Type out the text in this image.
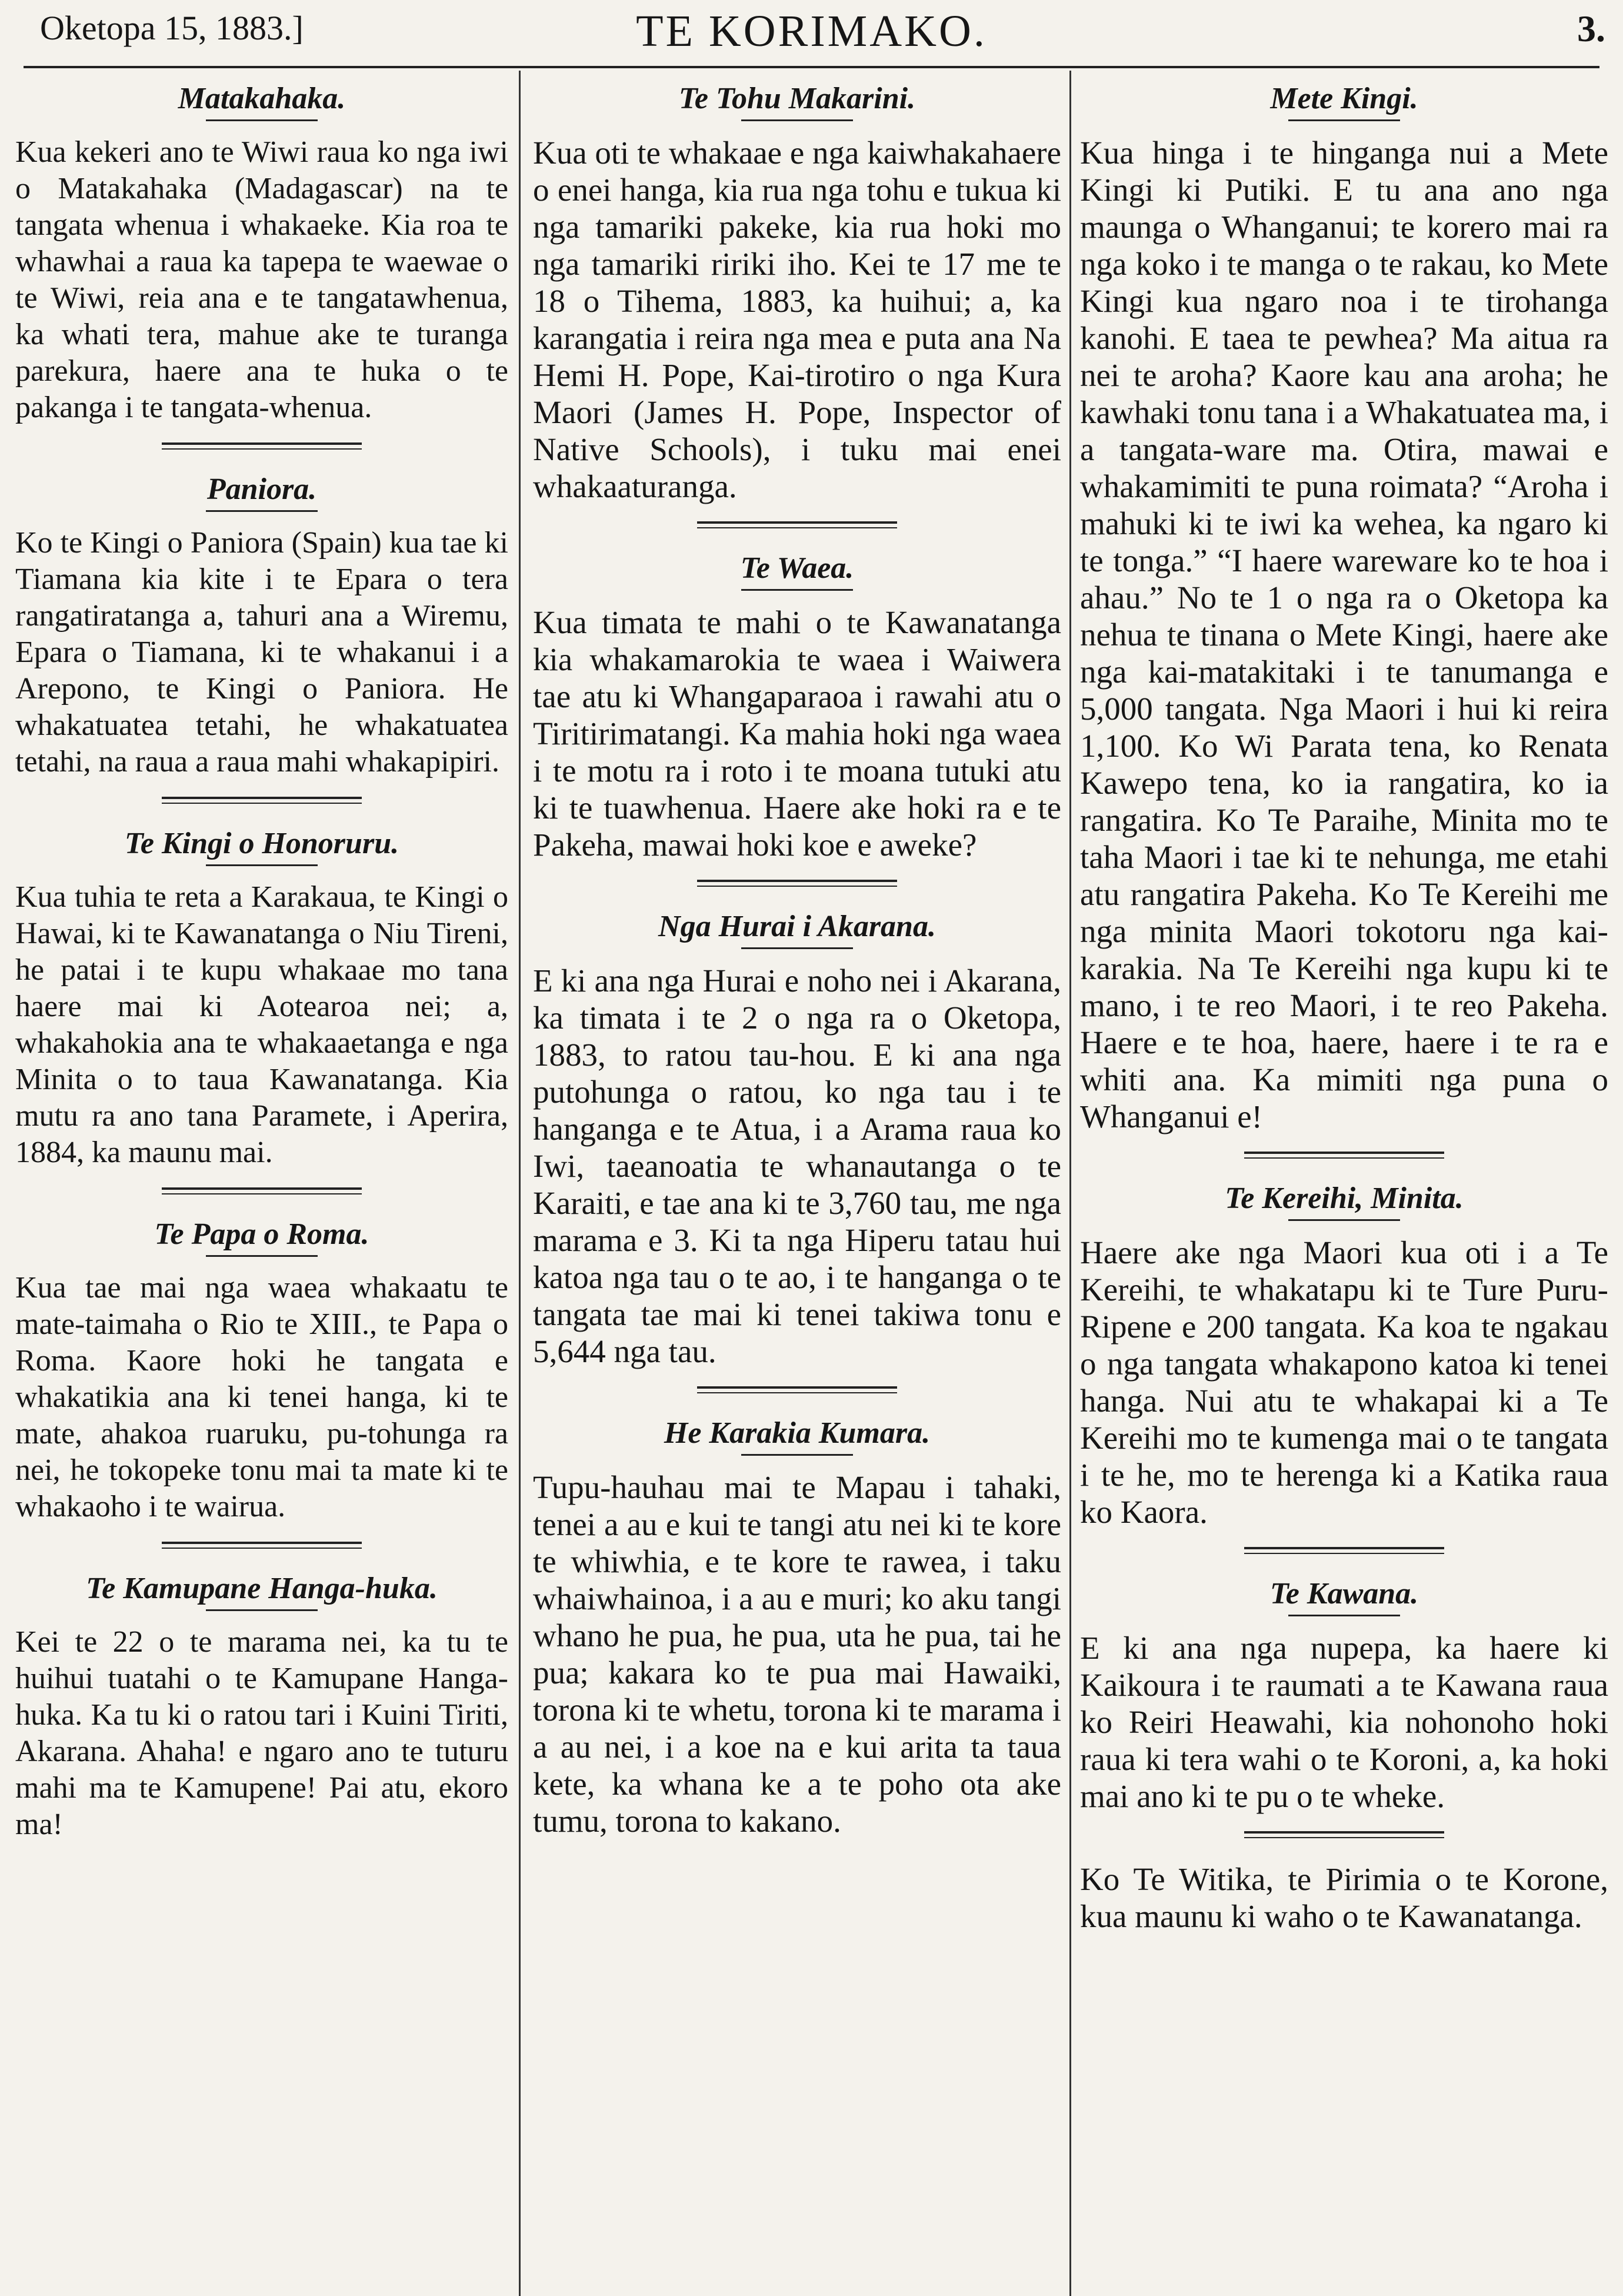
Oketopa 15, 1883.]	TE KORIMAKO.	3.
Matakahaka.
Kua kekeri ano te Wiwi raua ko nga iwi o Matakahaka (Madagascar) na te tangata whenua i whakaeke. Kia roa te whawhai a raua ka tapepa te waewae o te Wiwi, reia ana e te tangatawhenua, ka whati tera, mahue ake te turanga parekura, haere ana te huka o te pakanga i te tangata-whenua.
Paniora.
Ko te Kingi o Paniora (Spain) kua tae ki Tiamana kia kite i te Epara o tera rangatiratanga a, tahuri ana a Wiremu, Epara o Tiamana, ki te whakanui i a Arepono, te Kingi o Paniora. He whakatuatea tetahi, he whakatuatea tetahi, na raua a raua mahi whakapipiri.
Te Kingi o Honoruru.
Kua tuhia te reta a Karakaua, te Kingi o Hawai, ki te Kawanatanga o Niu Tireni, he patai i te kupu whakaae mo tana haere mai ki Aotearoa nei; a, whakahokia ana te whakaaetanga e nga Minita o to taua Kawanatanga. Kia mutu ra ano tana Paramete, i Aperira, 1884, ka maunu mai.
Te Papa o Roma.
Kua tae mai nga waea whakaatu te mate-taimaha o Rio te XIII., te Papa o Roma. Kaore hoki he tangata e whakatikia ana ki tenei hanga, ki te mate, ahakoa ruaruku, pu-tohunga ra nei, he tokopeke tonu mai ta mate ki te whakaoho i te wairua.
Te Kamupane Hanga-huka.
Kei te 22 o te marama nei, ka tu te huihui tuatahi o te Kamupane Hanga-huka. Ka tu ki o ratou tari i Kuini Tiriti, Akarana. Ahaha! e ngaro ano te tuturu mahi ma te Kamupene! Pai atu, ekoro ma!
Te Tohu Makarini.
Kua oti te whakaae e nga kaiwhakahaere o enei hanga, kia rua nga tohu e tukua ki nga tamariki pakeke, kia rua hoki mo nga tamariki ririki iho. Kei te 17 me te 18 o Tihema, 1883, ka huihui; a, ka karangatia i reira nga mea e puta ana Na Hemi H. Pope, Kai-tirotiro o nga Kura Maori (James H. Pope, Inspector of Native Schools), i tuku mai enei whakaaturanga.
Te Waea.
Kua timata te mahi o te Kawanatanga kia whakamarokia te waea i Waiwera tae atu ki Whangaparaoa i rawahi atu o Tiritirimatangi. Ka mahia hoki nga waea i te motu ra i roto i te moana tutuki atu ki te tuawhenua. Haere ake hoki ra e te Pakeha, mawai hoki koe e aweke?
Nga Hurai i Akarana.
E ki ana nga Hurai e noho nei i Akarana, ka timata i te 2 o nga ra o Oketopa, 1883, to ratou tau-hou. E ki ana nga putohunga o ratou, ko nga tau i te hanganga e te Atua, i a Arama raua ko Iwi, taeanoatia te whanautanga o te Karaiti, e tae ana ki te 3,760 tau, me nga marama e 3. Ki ta nga Hiperu tatau hui katoa nga tau o te ao, i te hanganga o te tangata tae mai ki tenei takiwa tonu e 5,644 nga tau.
He Karakia Kumara.
Tupu-hauhau mai te Mapau i tahaki, tenei a au e kui te tangi atu nei ki te kore te whiwhia, e te kore te rawea, i taku whaiwhainoa, i a au e muri; ko aku tangi whano he pua, he pua, uta he pua, tai he pua; kakara ko te pua mai Hawaiki, torona ki te whetu, torona ki te marama i a au nei, i a koe na e kui arita ta taua kete, ka whana ke a te poho ota ake tumu, torona to kakano.
Mete Kingi.
Kua hinga i te hinganga nui a Mete Kingi ki Putiki. E tu ana ano nga maunga o Whanganui; te korero mai ra nga koko i te manga o te rakau, ko Mete Kingi kua ngaro noa i te tirohanga kanohi. E taea te pewhea? Ma aitua ra nei te aroha? Kaore kau ana aroha; he kawhaki tonu tana i a Whakatuatea ma, i a tangata-ware ma. Otira, mawai e whakamimiti te puna roimata? “Aroha i mahuki ki te iwi ka wehea, ka ngaro ki te tonga.” “I haere wareware ko te hoa i ahau.” No te 1 o nga ra o Oketopa ka nehua te tinana o Mete Kingi, haere ake nga kai-matakitaki i te tanumanga e 5,000 tangata. Nga Maori i hui ki reira 1,100. Ko Wi Parata tena, ko Renata Kawepo tena, ko ia rangatira, ko ia rangatira. Ko Te Paraihe, Minita mo te taha Maori i tae ki te nehunga, me etahi atu rangatira Pakeha. Ko Te Kereihi me nga minita Maori tokotoru nga kai-karakia. Na Te Kereihi nga kupu ki te mano, i te reo Maori, i te reo Pakeha. Haere e te hoa, haere, haere i te ra e whiti ana. Ka mimiti nga puna o Whanganui e!
Te Kereihi, Minita.
Haere ake nga Maori kua oti i a Te Kereihi, te whakatapu ki te Ture Puru-Ripene e 200 tangata. Ka koa te ngakau o nga tangata whakapono katoa ki tenei hanga. Nui atu te whakapai ki a Te Kereihi mo te kumenga mai o te tangata i te he, mo te herenga ki a Katika raua ko Kaora.
Te Kawana.
E ki ana nga nupepa, ka haere ki Kaikoura i te raumati a te Kawana raua ko Reiri Heawahi, kia nohonoho hoki raua ki tera wahi o te Koroni, a, ka hoki mai ano ki te pu o te wheke.
Ko Te Witika, te Pirimia o te Korone, kua maunu ki waho o te Kawanatanga.
